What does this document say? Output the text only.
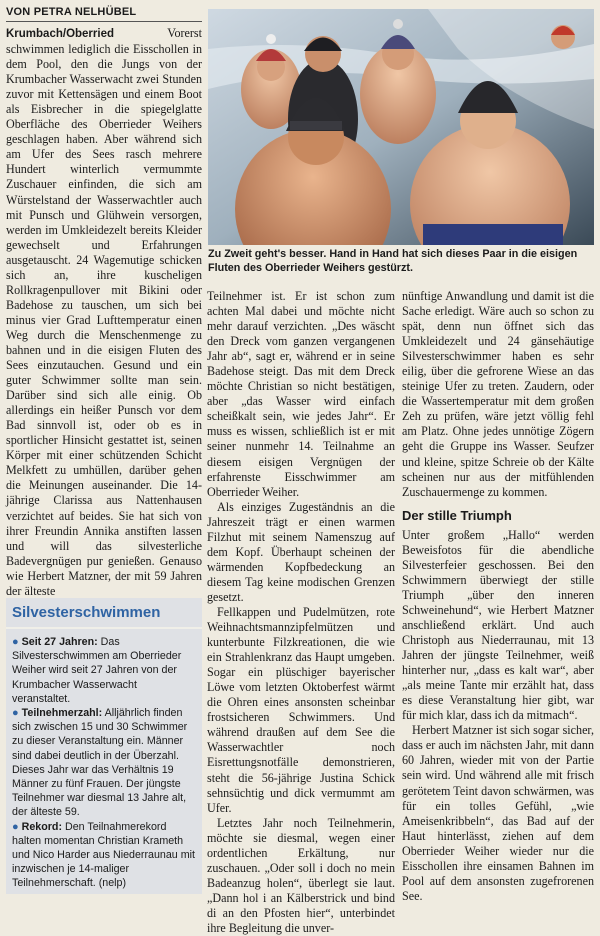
VON PETRA NELHÜBEL

Krumbach/Oberried	Vorerst schwimmen lediglich die Eisschollen in dem Pool, den die Jungs von der Krumbacher Wasserwacht zwei Stunden zuvor mit Kettensägen und einem Boot als Eisbrecher in die spiegelglatte Oberfläche des Oberrieder Weihers geschlagen haben. Aber während sich am Ufer des Sees rasch mehrere Hundert winterlich vermummte Zuschauer einfinden, die sich am Würstelstand der Wasserwachtler auch mit Punsch und Glühwein versorgen, werden im Umkleidezelt bereits Kleider gewechselt und Erfahrungen ausgetauscht. 24 Wagemutige schicken sich an, ihre kuscheligen Rollkragenpullover mit Bikini oder Badehose zu tauschen, um sich bei minus vier Grad Lufttemperatur einen Weg durch die Menschenmenge zu bahnen und in die eisigen Fluten des Sees einzutauchen. Gesund und ein guter Schwimmer sollte man sein. Darüber sind sich alle einig. Ob allerdings ein heißer Punsch vor dem Bad sinnvoll ist, oder ob es in sportlicher Hinsicht gestattet ist, seinen Körper mit einer schützenden Schicht Melkfett zu umhüllen, darüber gehen die Meinungen auseinander. Die 14-jährige Clarissa aus Nattenhausen verzichtet auf beides. Sie hat sich von ihrer Freundin Annika anstiften lassen und will das silvesterliche Badevergnügen pur genießen. Genauso wie Herbert Matzner, der mit 59 Jahren der älteste

Zu Zweit geht's besser. Hand in Hand hat sich dieses Paar in die eisigen Fluten des Oberrieder Weihers gestürzt.

Teilnehmer ist. Er ist schon zum achten Mal dabei und möchte nicht mehr darauf verzichten. „Des wäscht den Dreck vom ganzen vergangenen Jahr ab“, sagt er, während er in seine Badehose steigt. Das mit dem Dreck möchte Christian so nicht bestätigen, aber „das Wasser wird einfach scheißkalt sein, wie jedes Jahr“. Er muss es wissen, schließlich ist er mit seiner nunmehr 14. Teilnahme an diesem eisigen Vergnügen der erfahrenste Eisschwimmer am Oberrieder Weiher.

Als einziges Zugeständnis an die Jahreszeit trägt er einen warmen Filzhut mit seinem Namenszug auf dem Kopf. Überhaupt scheinen der wärmenden Kopfbedeckung an diesem Tag keine modischen Grenzen gesetzt.

Fellkappen und Pudelmützen, rote Weihnachtsmannzipfelmützen und kunterbunte Filzkreationen, die wie ein Strahlenkranz das Haupt umgeben. Sogar ein plüschiger bayerischer Löwe vom letzten Oktoberfest wärmt die Ohren eines ansonsten scheinbar frostsicheren Schwimmers. Und während draußen auf dem See die Wasserwachtler noch Eisrettungsnotfälle demonstrieren, steht die 56-jährige Justina Schick sehnsüchtig und dick vermummt am Ufer.

Letztes Jahr noch Teilnehmerin, möchte sie diesmal, wegen einer ordentlichen Erkältung, nur zuschauen. „Oder soll i doch no mein Badeanzug holen“, überlegt sie laut. „Dann hol i an Kälberstrick und bind di an den Pfosten hier“, unterbindet ihre Begleitung die unver-

nünftige Anwandlung und damit ist die Sache erledigt. Wäre auch so schon zu spät, denn nun öffnet sich das Umkleidezelt und 24 gänsehäutige Silvesterschwimmer haben es sehr eilig, über die gefrorene Wiese an das steinige Ufer zu treten. Zaudern, oder die Wassertemperatur mit dem großen Zeh zu prüfen, wäre jetzt völlig fehl am Platz. Ohne jedes unnötige Zögern geht die Gruppe ins Wasser. Seufzer und kleine, spitze Schreie ob der Kälte scheinen nur aus der mitfühlenden Zuschauermenge zu kommen.

Der stille Triumph

Unter großem „Hallo“ werden Beweisfotos für die abendliche Silvesterfeier geschossen. Bei den Schwimmern überwiegt der stille Triumph „über den inneren Schweinehund“, wie Herbert Matzner anschließend erklärt. Und auch Christoph aus Niederraunau, mit 13 Jahren der jüngste Teilnehmer, weiß hinterher nur, „dass es kalt war“, aber „als meine Tante mir erzählt hat, dass es diese Veranstaltung hier gibt, war für mich klar, dass ich da mitmach“.

Herbert Matzner ist sich sogar sicher, dass er auch im nächsten Jahr, mit dann 60 Jahren, wieder mit von der Partie sein wird. Und während alle mit frisch gerötetem Teint davon schwärmen, was für ein tolles Gefühl, „wie Ameisenkribbeln“, das Bad auf der Haut hinterlässt, ziehen auf dem Oberrieder Weiher wieder nur die Eisschollen ihre einsamen Bahnen im Pool auf dem ansonsten zugefrorenen See.

Silvesterschwimmen

● Seit 27 Jahren: Das Silvesterschwimmen am Oberrieder Weiher wird seit 27 Jahren von der Krumbacher Wasserwacht veranstaltet.

● Teilnehmerzahl: Alljährlich finden sich zwischen 15 und 30 Schwimmer zu dieser Veranstaltung ein. Männer sind dabei deutlich in der Überzahl. Dieses Jahr war das Verhältnis 19 Männer zu fünf Frauen. Der jüngste Teilnehmer war diesmal 13 Jahre alt, der älteste 59.

● Rekord: Den Teilnahmerekord halten momentan Christian Krameth und Nico Harder aus Niederraunau mit inzwischen je 14-maliger Teilnehmerschaft. (nelp)
